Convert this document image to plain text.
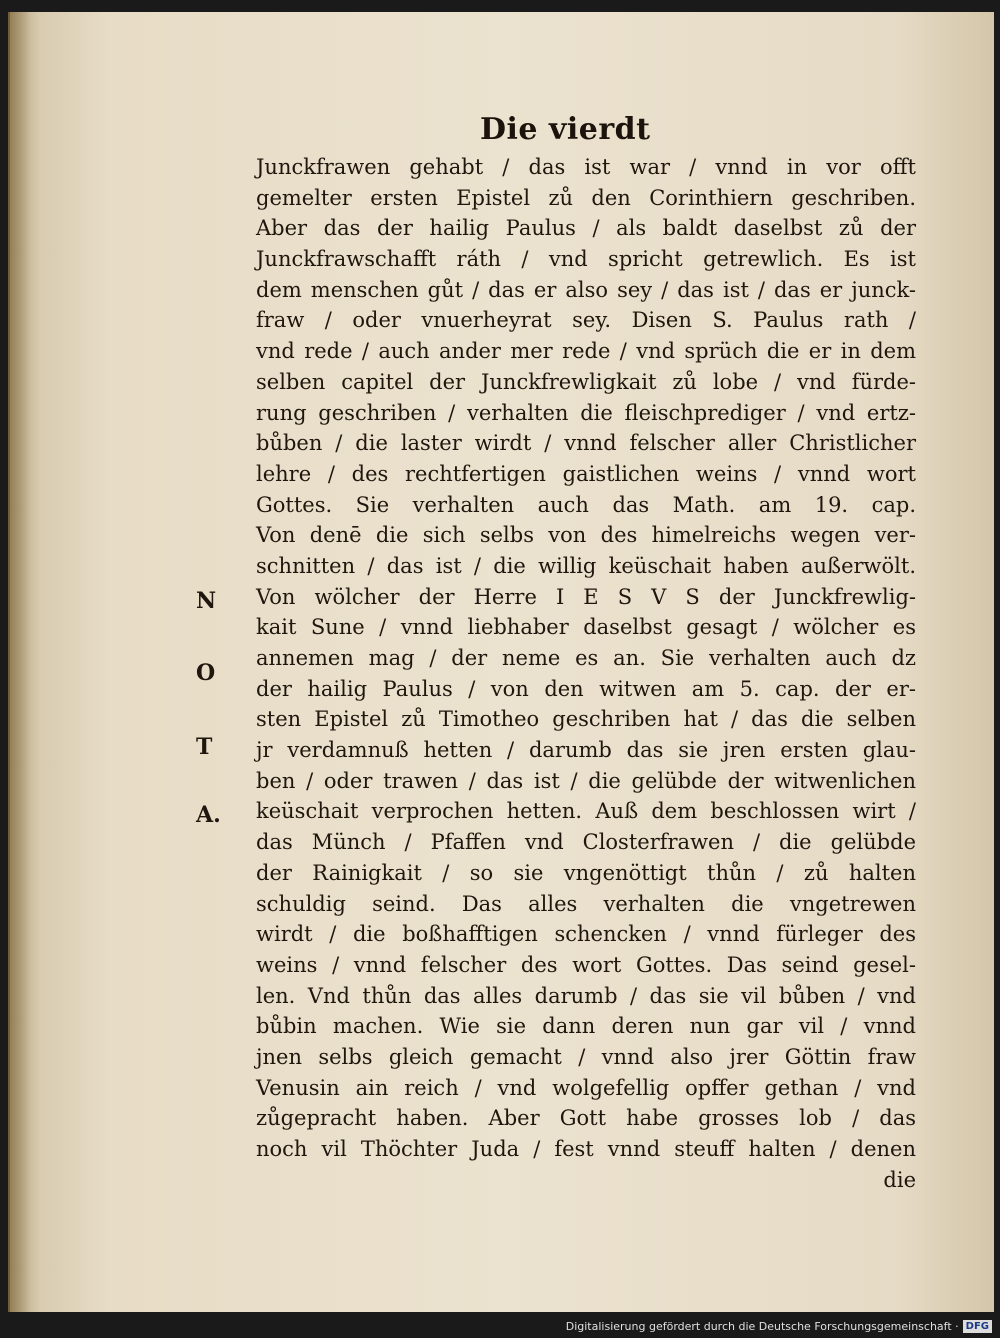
Die vierdt
Junckfrawen gehabt / das ist war / vnnd in vor offt
gemelter ersten Epistel zů den Corinthiern geschriben.
Aber das der hailig Paulus / als baldt daselbst zů der
Junckfrawschafft ráth / vnd spricht getrewlich. Es ist
dem menschen gůt / das er also sey / das ist / das er junck-
fraw / oder vnuerheyrat sey. Disen S. Paulus rath /
vnd rede / auch ander mer rede / vnd sprüch die er in dem
selben capitel der Junckfrewligkait zů lobe / vnd fürde-
rung geschriben / verhalten die fleischprediger / vnd ertz-
bůben / die laster wirdt / vnnd felscher aller Christlicher
lehre / des rechtfertigen gaistlichen weins / vnnd wort
Gottes. Sie verhalten auch das Math. am 19. cap.
Von denē die sich selbs von des himelreichs wegen ver-
schnitten / das ist / die willig keüschait haben außerwölt.
Von wölcher der Herre I E S V S der Junckfrewlig-
kait Sune / vnnd liebhaber daselbst gesagt / wölcher es
annemen mag / der neme es an. Sie verhalten auch dz
der hailig Paulus / von den witwen am 5. cap. der er-
sten Epistel zů Timotheo geschriben hat / das die selben
jr verdamnuß hetten / darumb das sie jren ersten glau-
ben / oder trawen / das ist / die gelübde der witwenlichen
keüschait verprochen hetten. Auß dem beschlossen wirt /
das Münch / Pfaffen vnd Closterfrawen / die gelübde
der Rainigkait / so sie vngenöttigt thůn / zů halten
schuldig seind. Das alles verhalten die vngetrewen
wirdt / die boßhafftigen schencken / vnnd fürleger des
weins / vnnd felscher des wort Gottes. Das seind gesel-
len. Vnd thůn das alles darumb / das sie vil bůben / vnd
bůbin machen. Wie sie dann deren nun gar vil / vnnd
jnen selbs gleich gemacht / vnnd also jrer Göttin fraw
Venusin ain reich / vnd wolgefellig opffer gethan / vnd
zůgepracht haben. Aber Gott habe grosses lob / das
noch vil Thöchter Juda / fest vnnd steuff halten / denen
die
N
O
T
A.
Digitalisierung gefördert durch die Deutsche Forschungsgemeinschaft · DFG
